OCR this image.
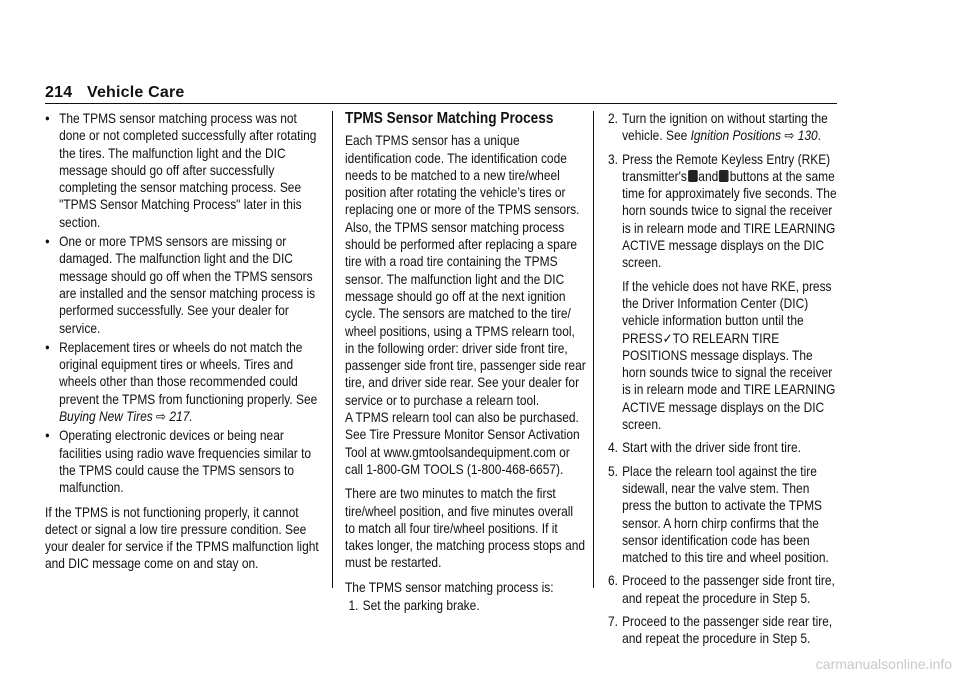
214 Vehicle Care
● The TPMS sensor matching process was not done or not completed successfully after rotating the tires. The malfunction light and the DIC message should go off after successfully completing the sensor matching process. See "TPMS Sensor Matching Process" later in this section.
● One or more TPMS sensors are missing or damaged. The malfunction light and the DIC message should go off when the TPMS sensors are installed and the sensor matching process is performed successfully. See your dealer for service.
● Replacement tires or wheels do not match the original equipment tires or wheels. Tires and wheels other than those recommended could prevent the TPMS from functioning properly. See Buying New Tires ⇨ 217.
● Operating electronic devices or being near facilities using radio wave frequencies similar to the TPMS could cause the TPMS sensors to malfunction.

If the TPMS is not functioning properly, it cannot detect or signal a low tire pressure condition. See your dealer for service if the TPMS malfunction light and DIC message come on and stay on.

TPMS Sensor Matching Process

Each TPMS sensor has a unique identification code. The identification code needs to be matched to a new tire/wheel position after rotating the vehicle’s tires or replacing one or more of the TPMS sensors. Also, the TPMS sensor matching process should be performed after replacing a spare tire with a road tire containing the TPMS sensor. The malfunction light and the DIC message should go off at the next ignition cycle. The sensors are matched to the tire/ wheel positions, using a TPMS relearn tool, in the following order: driver side front tire, passenger side front tire, passenger side rear tire, and driver side rear. See your dealer for service or to purchase a relearn tool.

A TPMS relearn tool can also be purchased. See Tire Pressure Monitor Sensor Activation Tool at www.gmtoolsandequipment.com or call 1-800-GM TOOLS (1-800-468-6657).

There are two minutes to match the first tire/wheel position, and five minutes overall to match all four tire/wheel positions. If it takes longer, the matching process stops and must be restarted.

The TPMS sensor matching process is:

1. Set the parking brake.
2. Turn the ignition on without starting the vehicle. See Ignition Positions ⇨ 130.
3. Press the Remote Keyless Entry (RKE) transmitter's and buttons at the same time for approximately five seconds. The horn sounds twice to signal the receiver is in relearn mode and TIRE LEARNING ACTIVE message displays on the DIC screen.
If the vehicle does not have RKE, press the Driver Information Center (DIC) vehicle information button until the PRESS✓TO RELEARN TIRE POSITIONS message displays. The horn sounds twice to signal the receiver is in relearn mode and TIRE LEARNING ACTIVE message displays on the DIC screen.
4. Start with the driver side front tire.
5. Place the relearn tool against the tire sidewall, near the valve stem. Then press the button to activate the TPMS sensor. A horn chirp confirms that the sensor identification code has been matched to this tire and wheel position.
6. Proceed to the passenger side front tire, and repeat the procedure in Step 5.
7. Proceed to the passenger side rear tire, and repeat the procedure in Step 5.
carmanualsonline.info
